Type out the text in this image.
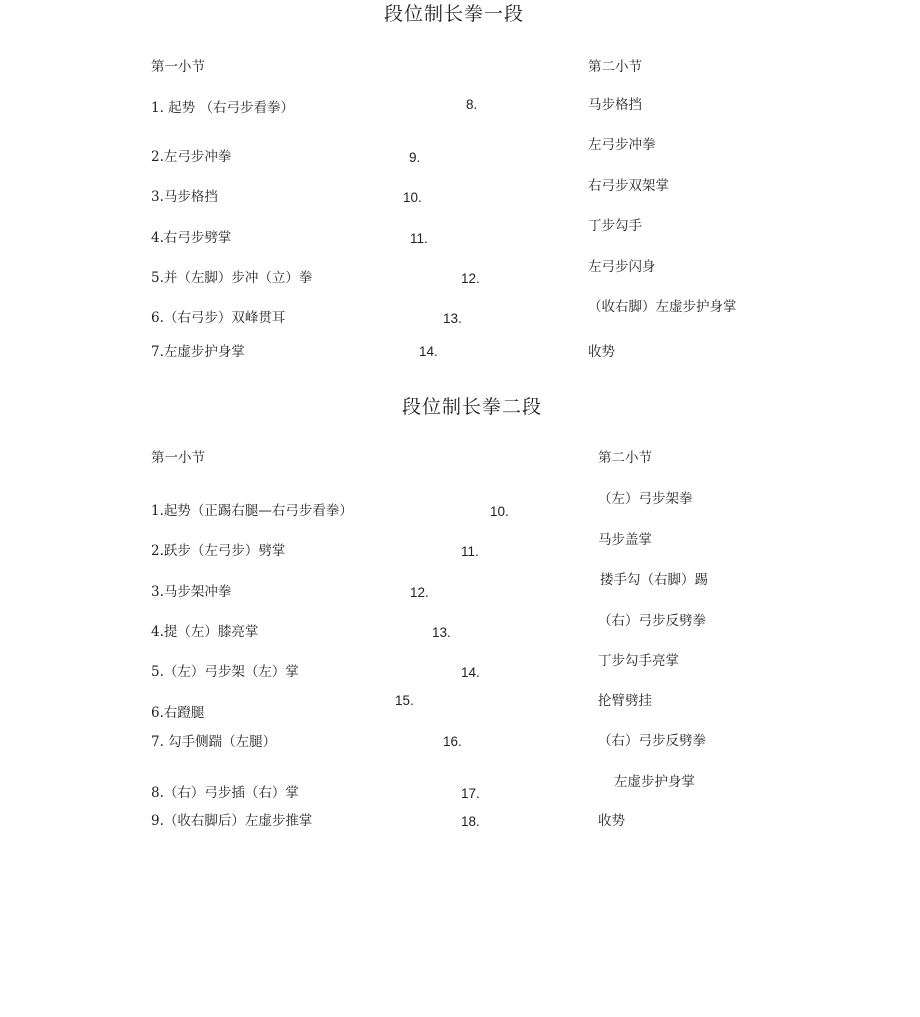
段位制长拳一段
第一小节	第二小节
1. 起势 （右弓步看拳）
2.左弓步冲拳
3.马步格挡
4.右弓步劈掌
5.并（左脚）步冲（立）拳
6.（右弓步）双峰贯耳
7.左虚步护身掌
8.
9.
10.
11.
12.
13.
14.
马步格挡
左弓步冲拳
右弓步双架掌
丁步勾手
左弓步闪身
（收右脚）左虚步护身掌
收势
段位制长拳二段
第一小节	第二小节
1.起势（正踢右腿—右弓步看拳）
2.跃步（左弓步）劈掌
3.马步架冲拳
4.提（左）膝亮掌
5.（左）弓步架（左）掌
6.右蹬腿
7. 勾手侧踹（左腿）
8.（右）弓步插（右）掌
9.（收右脚后）左虚步推掌
10.
11.
12.
13.
14.
15.
16.
17.
18.
（左）弓步架拳
马步盖掌
搂手勾（右脚）踢
（右）弓步反劈拳
丁步勾手亮掌
抡臂劈挂
（右）弓步反劈拳
左虚步护身掌
收势
